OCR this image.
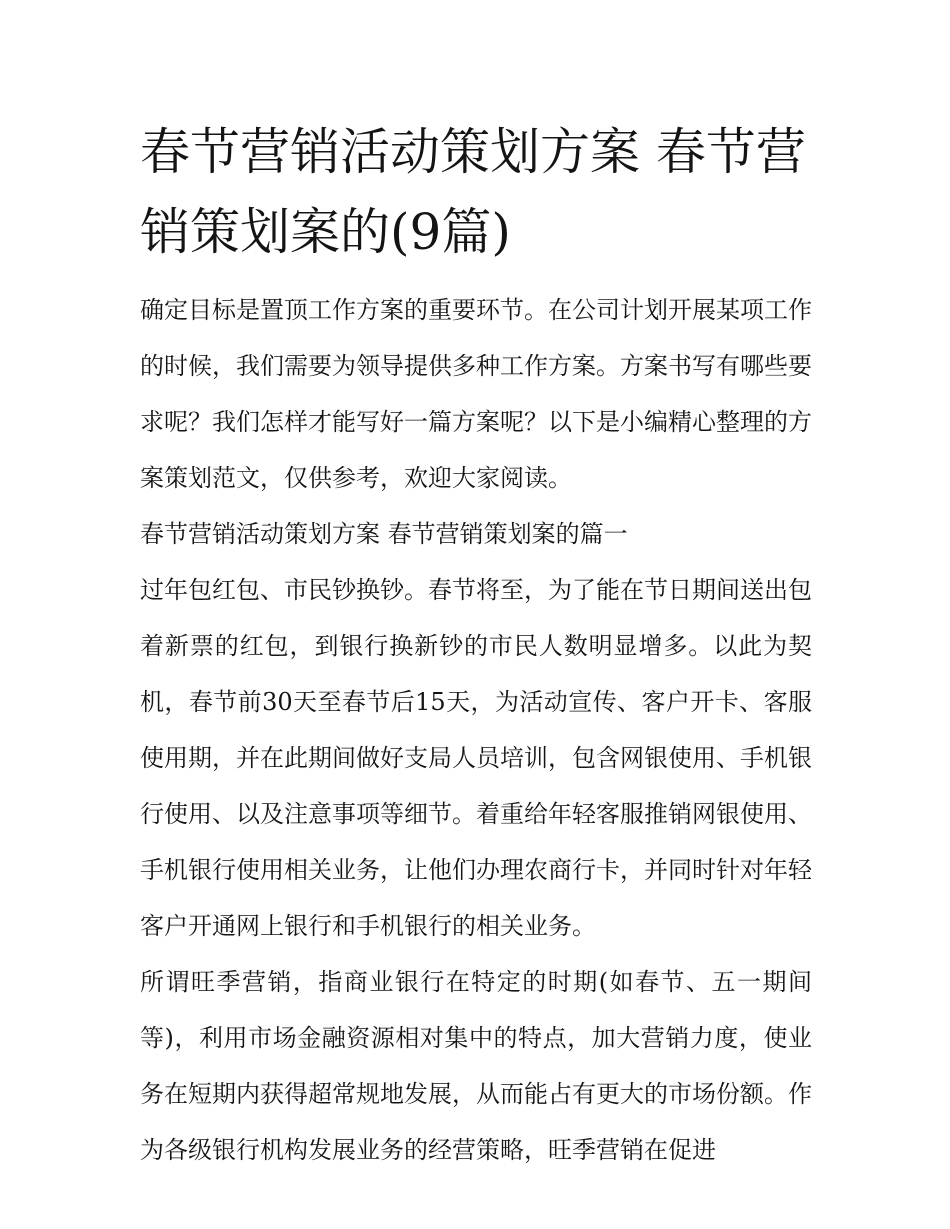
春节营销活动策划方案 春节营销策划案的(9篇)

确定目标是置顶工作方案的重要环节。在公司计划开展某项工作的时候，我们需要为领导提供多种工作方案。方案书写有哪些要求呢？我们怎样才能写好一篇方案呢？以下是小编精心整理的方案策划范文，仅供参考，欢迎大家阅读。

春节营销活动策划方案 春节营销策划案的篇一

过年包红包、市民钞换钞。春节将至，为了能在节日期间送出包着新票的红包，到银行换新钞的市民人数明显增多。以此为契机，春节前30天至春节后15天，为活动宣传、客户开卡、客服使用期，并在此期间做好支局人员培训，包含网银使用、手机银行使用、以及注意事项等细节。着重给年轻客服推销网银使用、手机银行使用相关业务，让他们办理农商行卡，并同时针对年轻客户开通网上银行和手机银行的相关业务。

所谓旺季营销，指商业银行在特定的时期(如春节、五一期间等)，利用市场金融资源相对集中的特点，加大营销力度，使业务在短期内获得超常规地发展，从而能占有更大的市场份额。作为各级银行机构发展业务的经营策略，旺季营销在促进
